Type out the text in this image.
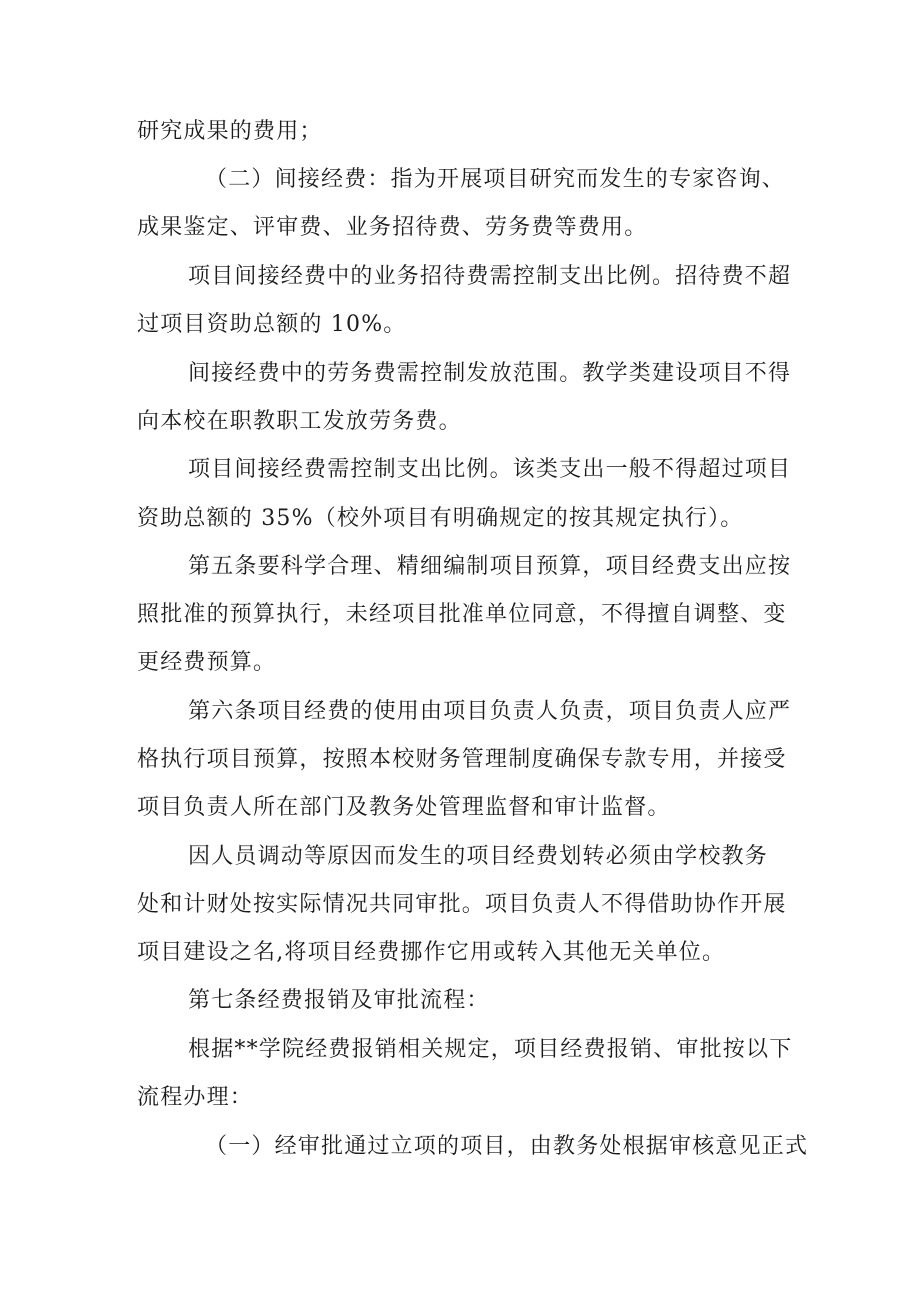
研究成果的费用；
（二）间接经费：指为开展项目研究而发生的专家咨询、
成果鉴定、评审费、业务招待费、劳务费等费用。
项目间接经费中的业务招待费需控制支出比例。招待费不超
过项目资助总额的 10%。
间接经费中的劳务费需控制发放范围。教学类建设项目不得
向本校在职教职工发放劳务费。
项目间接经费需控制支出比例。该类支出一般不得超过项目
资助总额的 35%（校外项目有明确规定的按其规定执行）。
第五条要科学合理、精细编制项目预算，项目经费支出应按
照批准的预算执行，未经项目批准单位同意，不得擅自调整、变
更经费预算。
第六条项目经费的使用由项目负责人负责，项目负责人应严
格执行项目预算，按照本校财务管理制度确保专款专用，并接受
项目负责人所在部门及教务处管理监督和审计监督。
因人员调动等原因而发生的项目经费划转必须由学校教务
处和计财处按实际情况共同审批。项目负责人不得借助协作开展
项目建设之名,将项目经费挪作它用或转入其他无关单位。
第七条经费报销及审批流程：
根据**学院经费报销相关规定，项目经费报销、审批按以下
流程办理：
（一）经审批通过立项的项目，由教务处根据审核意见正式
